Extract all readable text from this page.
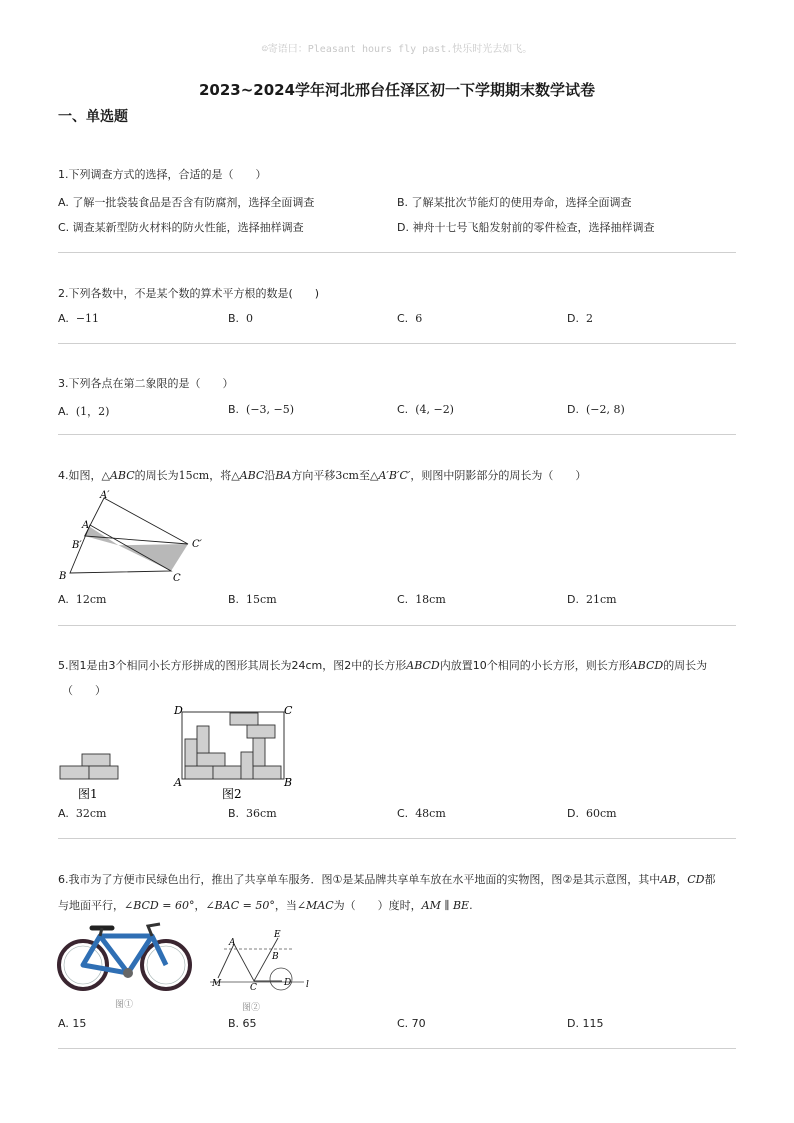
☺寄语曰：Pleasant hours fly past.快乐时光去如飞。
2023~2024学年河北邢台任泽区初一下学期期末数学试卷
一、单选题
1.下列调查方式的选择，合适的是（　　）
A. 了解一批袋装食品是否含有防腐剂，选择全面调查	B. 了解某批次节能灯的使用寿命，选择全面调查
C. 调查某新型防火材料的防火性能，选择抽样调查	D. 神舟十七号飞船发射前的零件检查，选择抽样调查
2.下列各数中，不是某个数的算术平方根的数是(　　)
A. −11	B. 0	C. 6	D. 2
3.下列各点在第二象限的是（　　）
A. (1，2)	B. (−3, −5)	C. (4, −2)	D. (−2, 8)
4.如图，△ABC的周长为15cm，将△ABC沿BA方向平移3cm至△A′B′C′，则图中阴影部分的周长为（　　）
A′
A
B′
B
C′
C
A. 12cm	B. 15cm	C. 18cm	D. 21cm
5.图1是由3个相同小长方形拼成的图形其周长为24cm，图2中的长方形ABCD内放置10个相同的小长方形，则长方形ABCD的周长为
（　　）
图1
D	C
A	B
图2
A. 32cm	B. 36cm	C. 48cm	D. 60cm
6.我市为了方便市民绿色出行，推出了共享单车服务．图①是某品牌共享单车放在水平地面的实物图，图②是其示意图，其中AB，CD都
与地面平行，∠BCD = 60°，∠BAC = 50°，当∠MAC为（　　）度时，AM ∥ BE.
图①
A
E
B
M	C	D l
图②
A. 15	B. 65	C. 70	D. 115
